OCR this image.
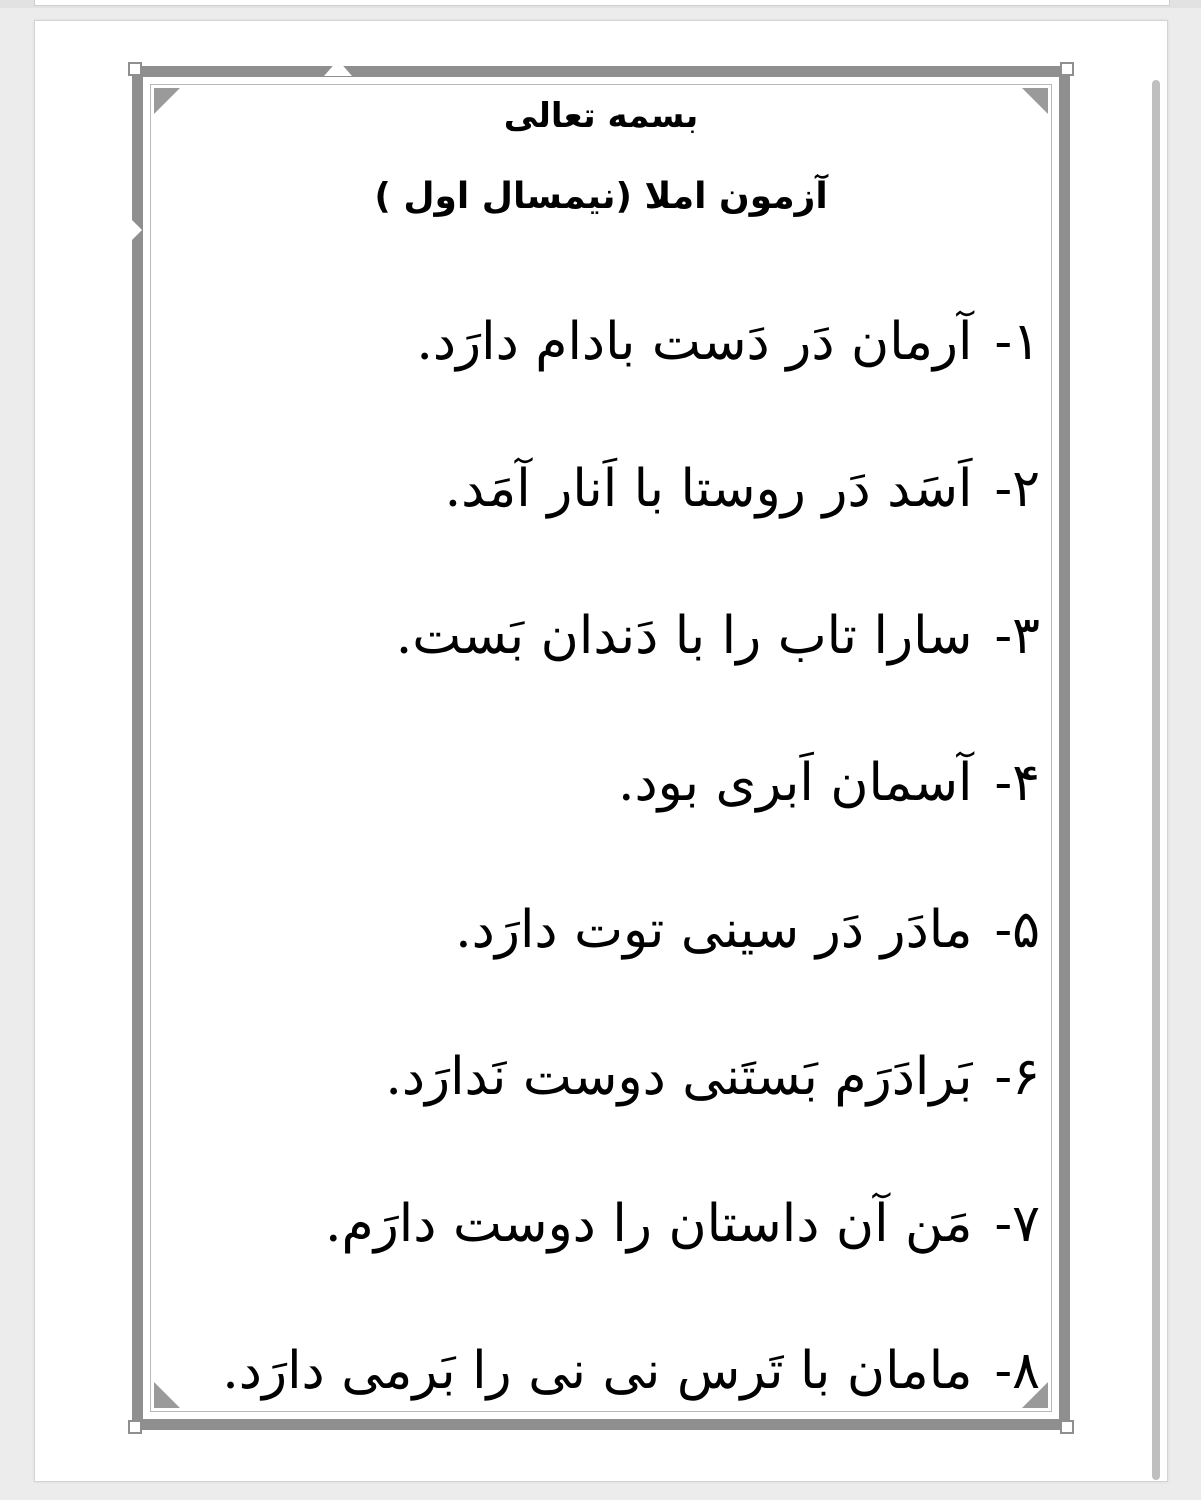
بسمه تعالی
آزمون املا (نیمسال اول )
۱-
آرمان دَر دَست بادام دارَد.
۲-
اَسَد دَر روستا با اَنار آمَد.
۳-
سارا تاب را با دَندان بَست.
۴-
آسمان اَبری بود.
۵-
مادَر دَر سینی توت دارَد.
۶-
بَرادَرَم بَستَنی دوست نَدارَد.
۷-
مَن آن داستان را دوست دارَم.
۸-
مامان با تَرس نی نی را بَرمی دارَد.
